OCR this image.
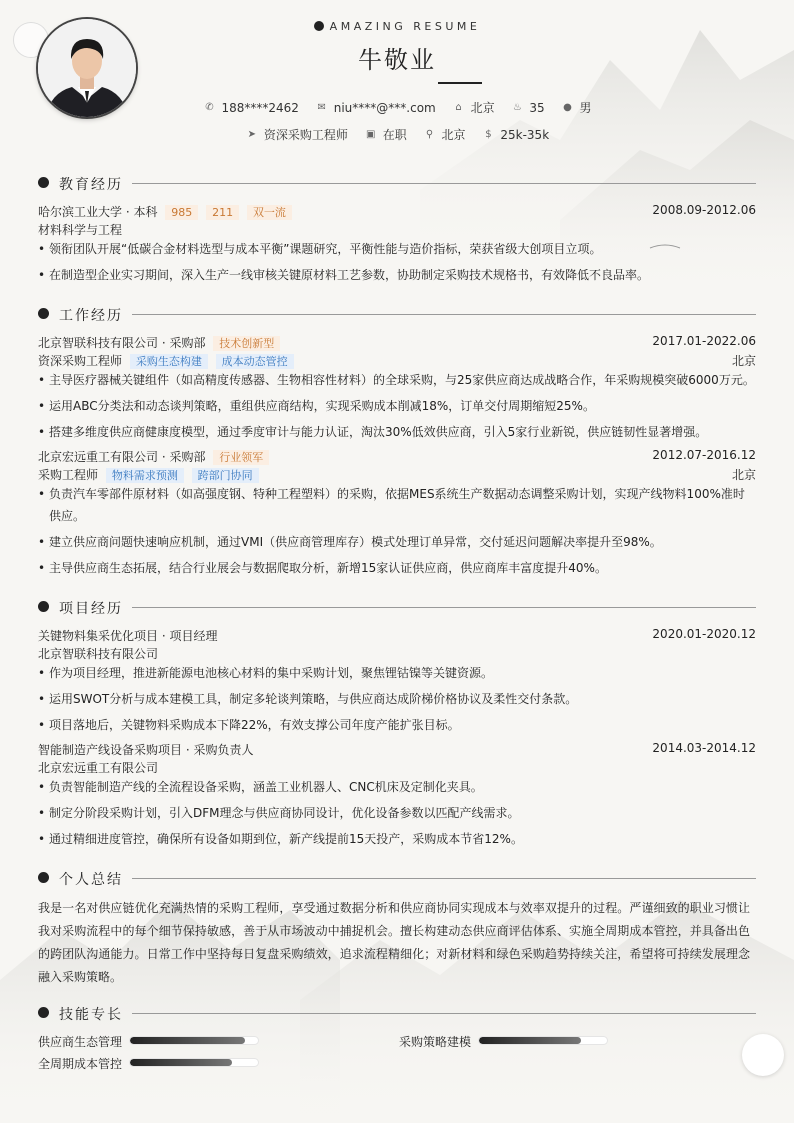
AMAZING RESUME
牛敬业
✆ 188****2462
✉ niu****@***.com
	⌂ 北京
♨ 35
● 男
➤ 资深采购工程师
▣ 在职
	⚲ 北京
	$ 25k-35k
教育经历
哈尔滨工业大学 · 本科 985 211 双一流	2008.09-2012.06
材料科学与工程
• 领衔团队开展“低碳合金材料选型与成本平衡”课题研究，平衡性能与造价指标，荣获省级大创项目立项。
• 在制造型企业实习期间，深入生产一线审核关键原材料工艺参数，协助制定采购技术规格书，有效降低不良品率。
工作经历
北京智联科技有限公司 · 采购部 技术创新型	2017.01-2022.06
资深采购工程师 采购生态构建 成本动态管控	北京
• 主导医疗器械关键组件（如高精度传感器、生物相容性材料）的全球采购，与25家供应商达成战略合作，年采购规模突破6000万元。
• 运用ABC分类法和动态谈判策略，重组供应商结构，实现采购成本削减18%，订单交付周期缩短25%。
• 搭建多维度供应商健康度模型，通过季度审计与能力认证，淘汰30%低效供应商，引入5家行业新锐，供应链韧性显著增强。
北京宏远重工有限公司 · 采购部 行业领军	2012.07-2016.12
采购工程师 物料需求预测 跨部门协同	北京
• 负责汽车零部件原材料（如高强度钢、特种工程塑料）的采购，依据MES系统生产数据动态调整采购计划，实现产线物料100%准时供应。
• 建立供应商问题快速响应机制，通过VMI（供应商管理库存）模式处理订单异常，交付延迟问题解决率提升至98%。
• 主导供应商生态拓展，结合行业展会与数据爬取分析，新增15家认证供应商，供应商库丰富度提升40%。
项目经历
关键物料集采优化项目 · 项目经理	2020.01-2020.12
北京智联科技有限公司
• 作为项目经理，推进新能源电池核心材料的集中采购计划，聚焦锂钴镍等关键资源。
• 运用SWOT分析与成本建模工具，制定多轮谈判策略，与供应商达成阶梯价格协议及柔性交付条款。
• 项目落地后，关键物料采购成本下降22%，有效支撑公司年度产能扩张目标。
智能制造产线设备采购项目 · 采购负责人	2014.03-2014.12
北京宏远重工有限公司
• 负责智能制造产线的全流程设备采购，涵盖工业机器人、CNC机床及定制化夹具。
• 制定分阶段采购计划，引入DFM理念与供应商协同设计，优化设备参数以匹配产线需求。
• 通过精细进度管控，确保所有设备如期到位，新产线提前15天投产，采购成本节省12%。
个人总结
我是一名对供应链优化充满热情的采购工程师，享受通过数据分析和供应商协同实现成本与效率双提升的过程。严谨细致的职业习惯让我对采购流程中的每个细节保持敏感，善于从市场波动中捕捉机会。擅长构建动态供应商评估体系、实施全周期成本管控，并具备出色的跨团队沟通能力。日常工作中坚持每日复盘采购绩效，追求流程精细化；对新材料和绿色采购趋势持续关注，希望将可持续发展理念融入采购策略。
技能专长
供应商生态管理	采购策略建模
全周期成本管控
